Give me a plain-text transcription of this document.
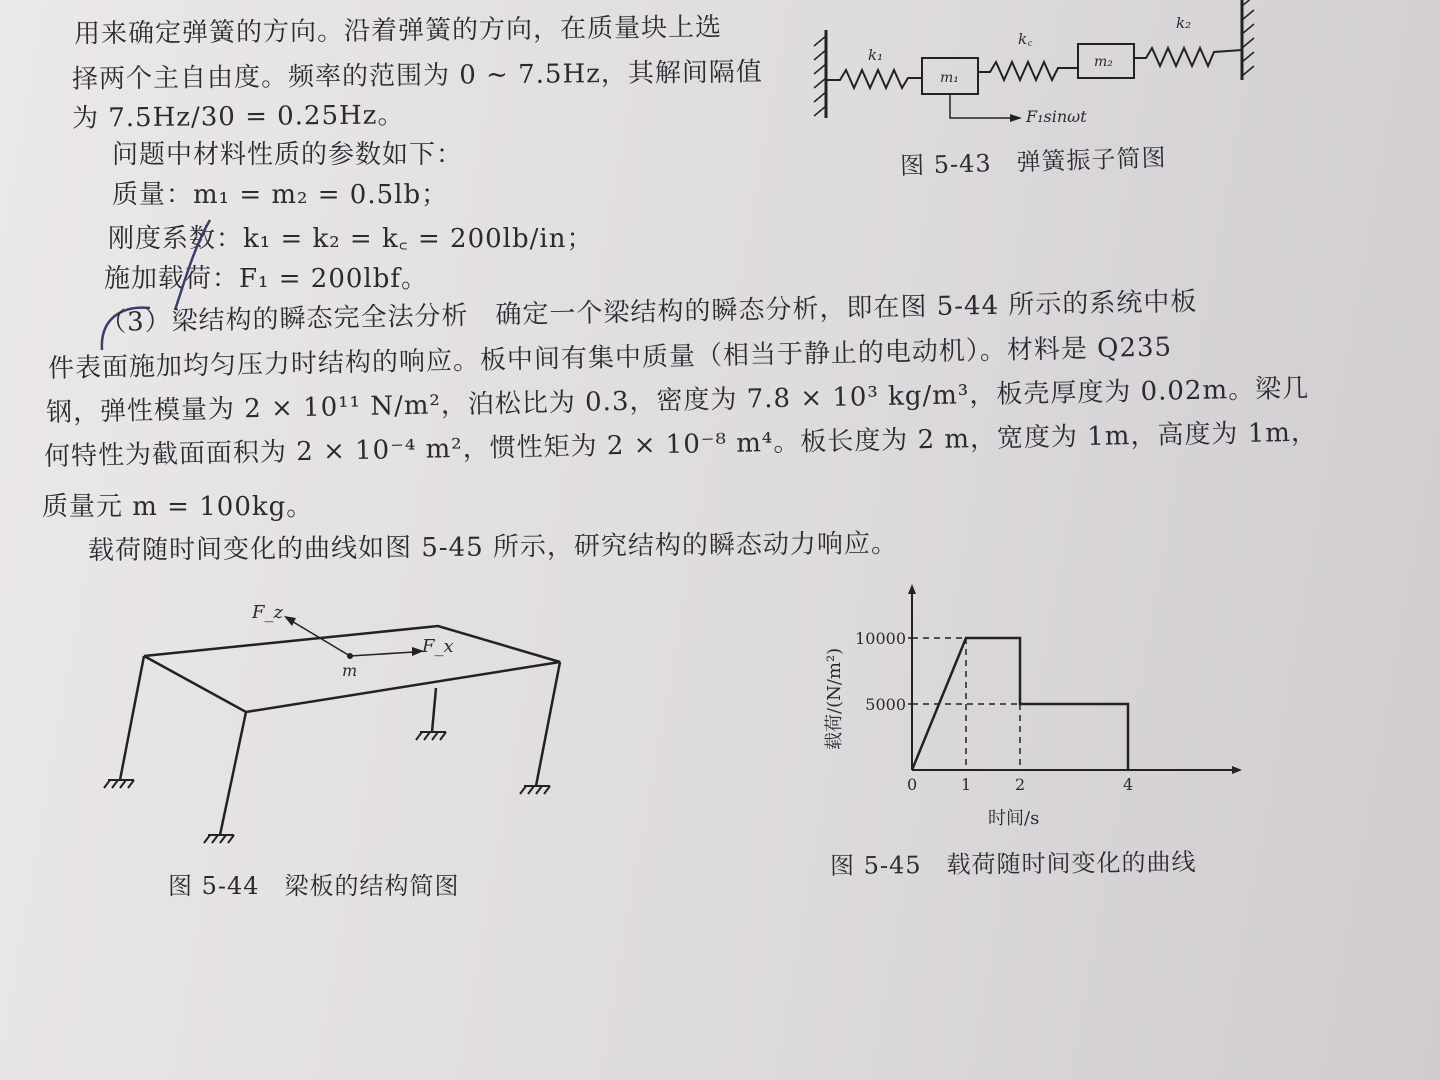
用来确定弹簧的方向。沿着弹簧的方向，在质量块上选
择两个主自由度。频率的范围为 0 ~ 7.5Hz，其解间隔值
为 7.5Hz/30 = 0.25Hz。
问题中材料性质的参数如下：
质量：m₁ = m₂ = 0.5lb；
刚度系数：k₁ = k₂ = k꜀ = 200lb/in；
施加载荷：F₁ = 200lbf。
（3）梁结构的瞬态完全法分析　确定一个梁结构的瞬态分析，即在图 5-44 所示的系统中板
件表面施加均匀压力时结构的响应。板中间有集中质量（相当于静止的电动机）。材料是 Q235
钢，弹性模量为 2 × 10¹¹ N/m²，泊松比为 0.3，密度为 7.8 × 10³ kg/m³，板壳厚度为 0.02m。梁几
何特性为截面面积为 2 × 10⁻⁴ m²，惯性矩为 2 × 10⁻⁸ m⁴。板长度为 2 m，宽度为 1m，高度为 1m，
质量元 m = 100kg。
载荷随时间变化的曲线如图 5-45 所示，研究结构的瞬态动力响应。
k₁
k꜀
k₂
m₁
m₂
F₁sinωt
图 5-43　弹簧振子简图
F_z
F_x
m
图 5-44　梁板的结构简图
0	1	2	4
10000
5000
时间/s
载荷/(N/m²)
图 5-45　载荷随时间变化的曲线
